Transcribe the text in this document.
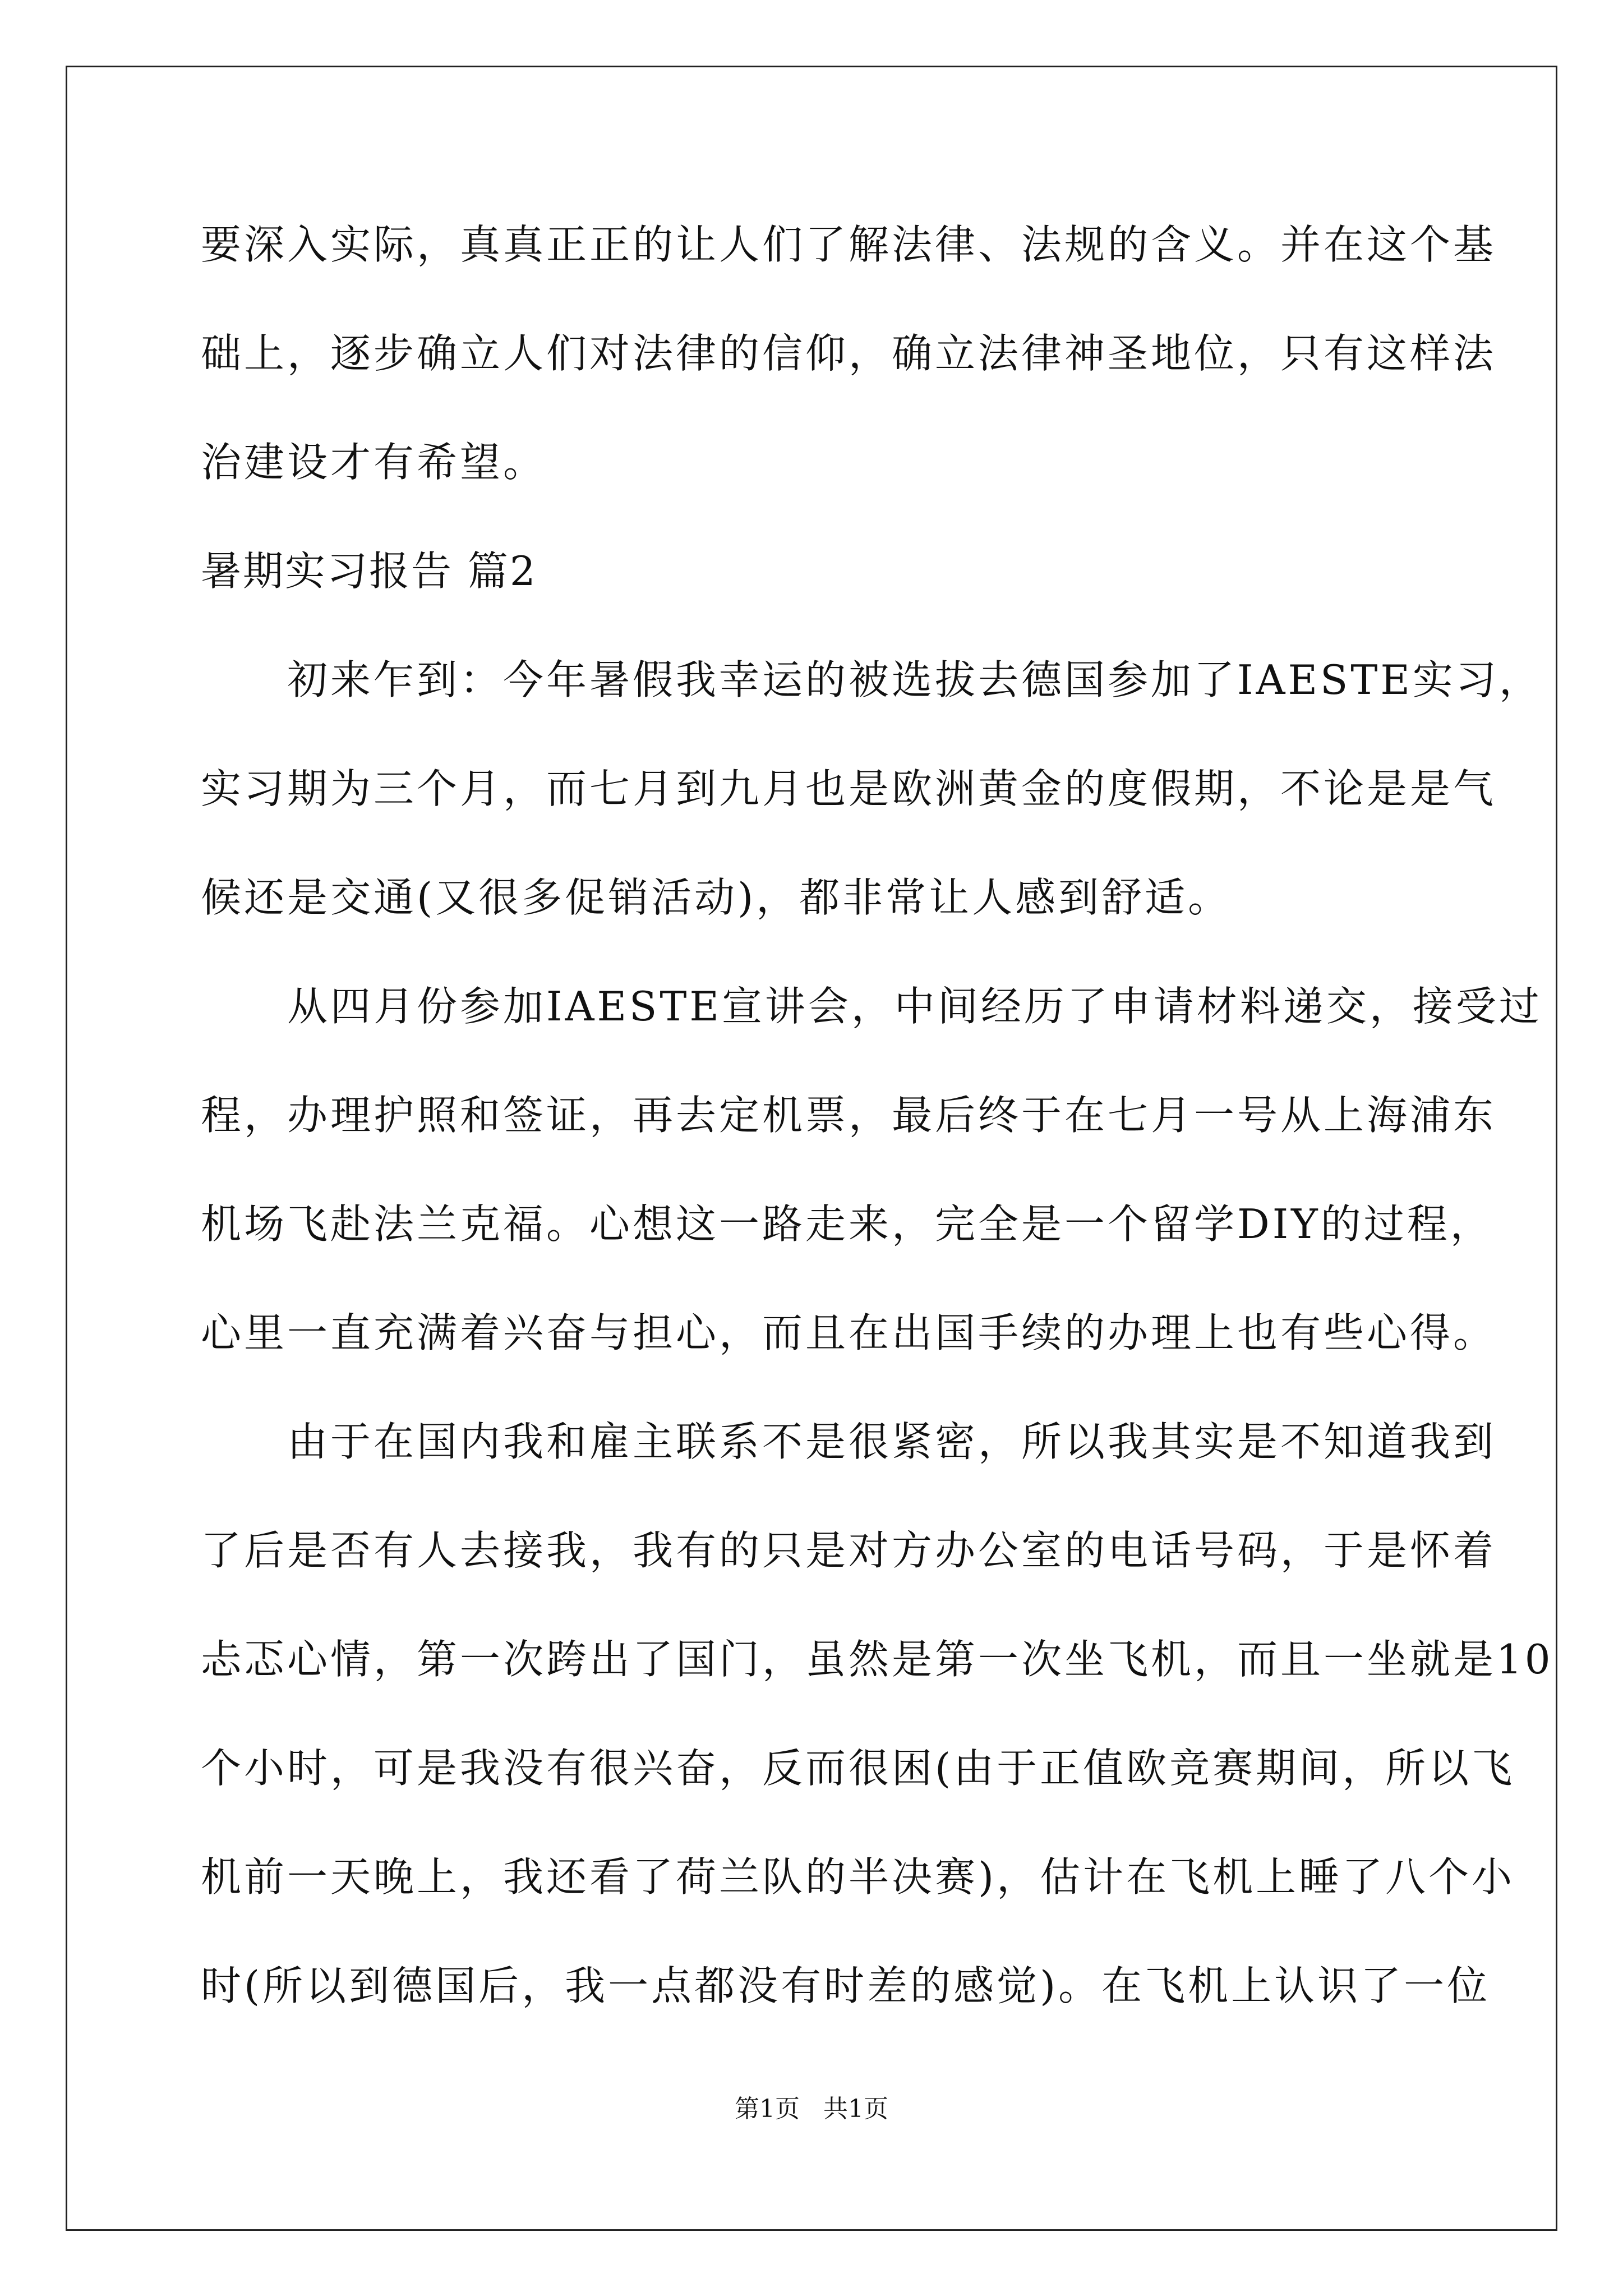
要深入实际，真真正正的让人们了解法律、法规的含义。并在这个基
础上，逐步确立人们对法律的信仰，确立法律神圣地位，只有这样法
治建设才有希望。
暑期实习报告 篇2
　　初来乍到：今年暑假我幸运的被选拔去德国参加了IAESTE实习，
实习期为三个月，而七月到九月也是欧洲黄金的度假期，不论是是气
候还是交通(又很多促销活动)，都非常让人感到舒适。
　　从四月份参加IAESTE宣讲会，中间经历了申请材料递交，接受过
程，办理护照和签证，再去定机票，最后终于在七月一号从上海浦东
机场飞赴法兰克福。心想这一路走来，完全是一个留学DIY的过程，
心里一直充满着兴奋与担心，而且在出国手续的办理上也有些心得。
　　由于在国内我和雇主联系不是很紧密，所以我其实是不知道我到
了后是否有人去接我，我有的只是对方办公室的电话号码，于是怀着
忐忑心情，第一次跨出了国门，虽然是第一次坐飞机，而且一坐就是10
个小时，可是我没有很兴奋，反而很困(由于正值欧竞赛期间，所以飞
机前一天晚上，我还看了荷兰队的半决赛)，估计在飞机上睡了八个小
时(所以到德国后，我一点都没有时差的感觉)。在飞机上认识了一位
第1页   共1页
